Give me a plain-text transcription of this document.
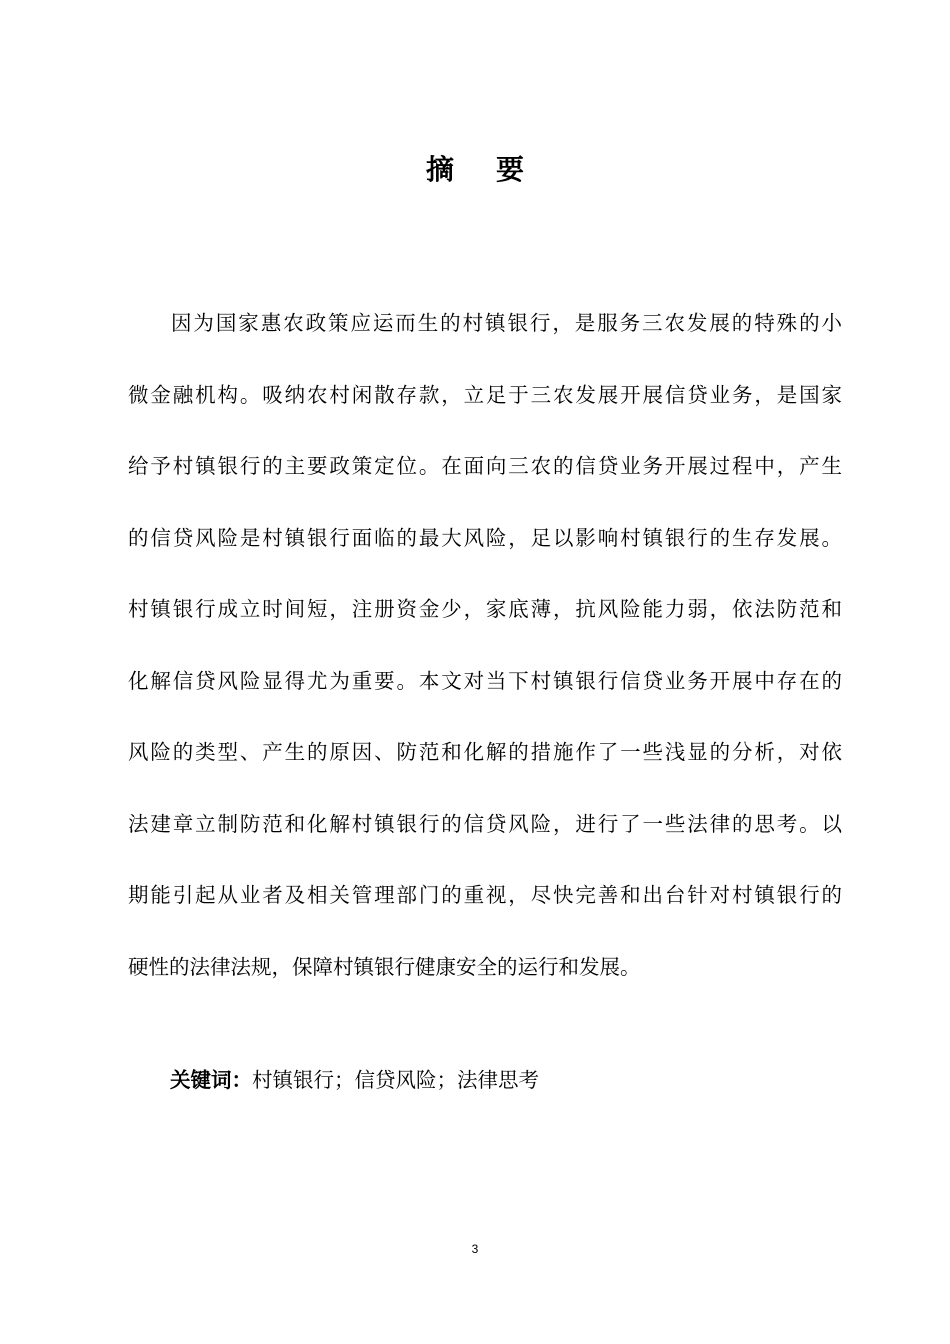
摘 要
因为国家惠农政策应运而生的村镇银行，是服务三农发展的特殊的小
微金融机构。吸纳农村闲散存款，立足于三农发展开展信贷业务，是国家
给予村镇银行的主要政策定位。在面向三农的信贷业务开展过程中，产生
的信贷风险是村镇银行面临的最大风险，足以影响村镇银行的生存发展。
村镇银行成立时间短，注册资金少，家底薄，抗风险能力弱，依法防范和
化解信贷风险显得尤为重要。本文对当下村镇银行信贷业务开展中存在的
风险的类型、产生的原因、防范和化解的措施作了一些浅显的分析，对依
法建章立制防范和化解村镇银行的信贷风险，进行了一些法律的思考。以
期能引起从业者及相关管理部门的重视，尽快完善和出台针对村镇银行的
硬性的法律法规，保障村镇银行健康安全的运行和发展。
关键词：村镇银行；信贷风险；法律思考
3
